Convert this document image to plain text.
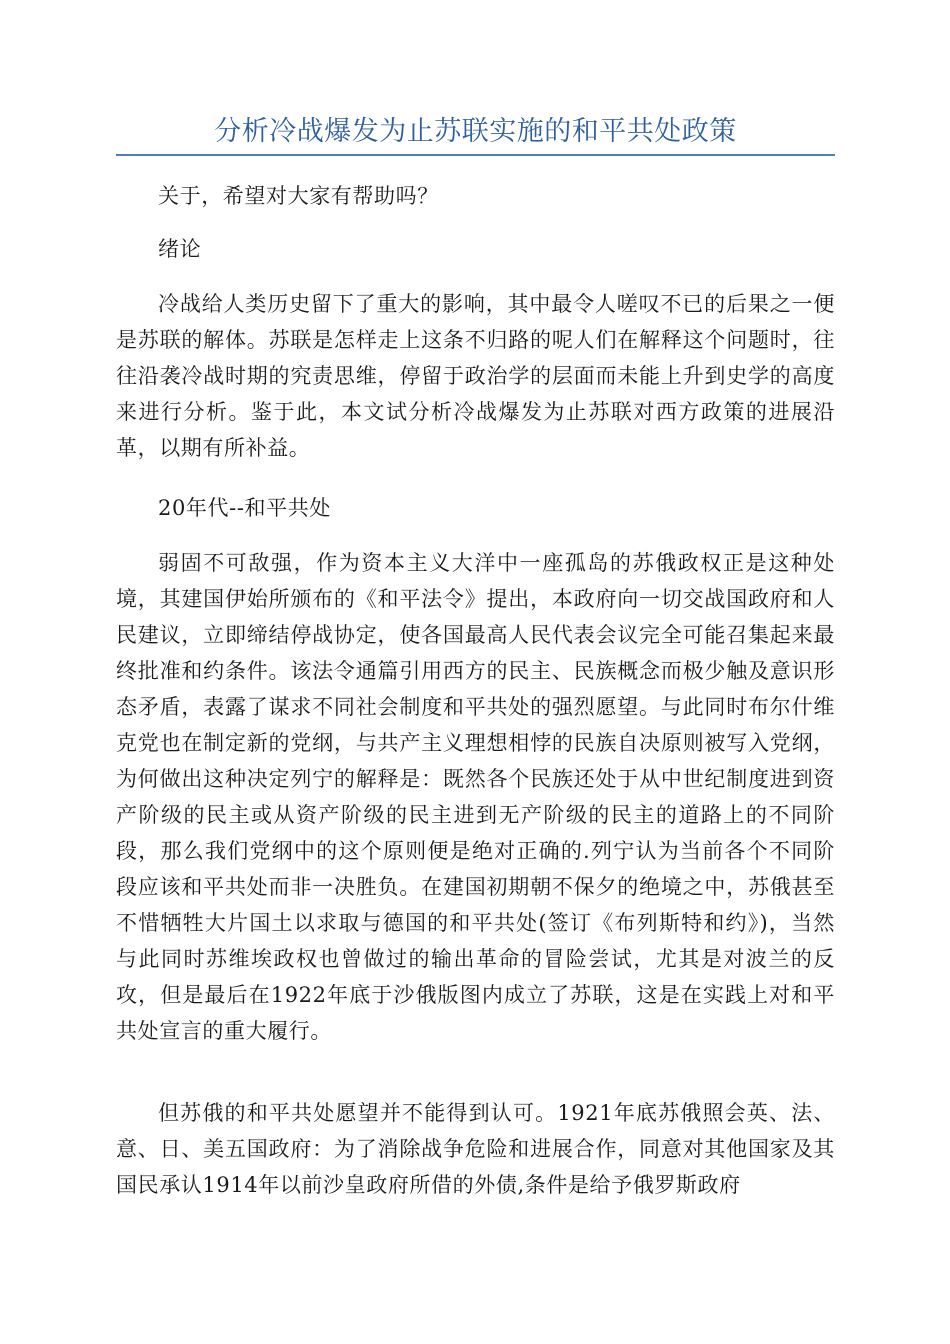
分析冷战爆发为止苏联实施的和平共处政策

关于，希望对大家有帮助吗？

绪论

冷战给人类历史留下了重大的影响，其中最令人嗟叹不已的后果之一便是苏联的解体。苏联是怎样走上这条不归路的呢人们在解释这个问题时，往往沿袭冷战时期的究责思维，停留于政治学的层面而未能上升到史学的高度来进行分析。鉴于此，本文试分析冷战爆发为止苏联对西方政策的进展沿革，以期有所补益。

20年代--和平共处

弱固不可敌强，作为资本主义大洋中一座孤岛的苏俄政权正是这种处境，其建国伊始所颁布的《和平法令》提出，本政府向一切交战国政府和人民建议，立即缔结停战协定，使各国最高人民代表会议完全可能召集起来最终批准和约条件。该法令通篇引用西方的民主、民族概念而极少触及意识形态矛盾，表露了谋求不同社会制度和平共处的强烈愿望。与此同时布尔什维克党也在制定新的党纲，与共产主义理想相悖的民族自决原则被写入党纲，为何做出这种决定列宁的解释是：既然各个民族还处于从中世纪制度进到资产阶级的民主或从资产阶级的民主进到无产阶级的民主的道路上的不同阶段，那么我们党纲中的这个原则便是绝对正确的.列宁认为当前各个不同阶段应该和平共处而非一决胜负。在建国初期朝不保夕的绝境之中，苏俄甚至不惜牺牲大片国土以求取与德国的和平共处(签订《布列斯特和约》)，当然与此同时苏维埃政权也曾做过的输出革命的冒险尝试，尤其是对波兰的反攻，但是最后在1922年底于沙俄版图内成立了苏联，这是在实践上对和平共处宣言的重大履行。

但苏俄的和平共处愿望并不能得到认可。1921年底苏俄照会英、法、意、日、美五国政府：为了消除战争危险和进展合作，同意对其他国家及其国民承认1914年以前沙皇政府所借的外债,条件是给予俄罗斯政府
